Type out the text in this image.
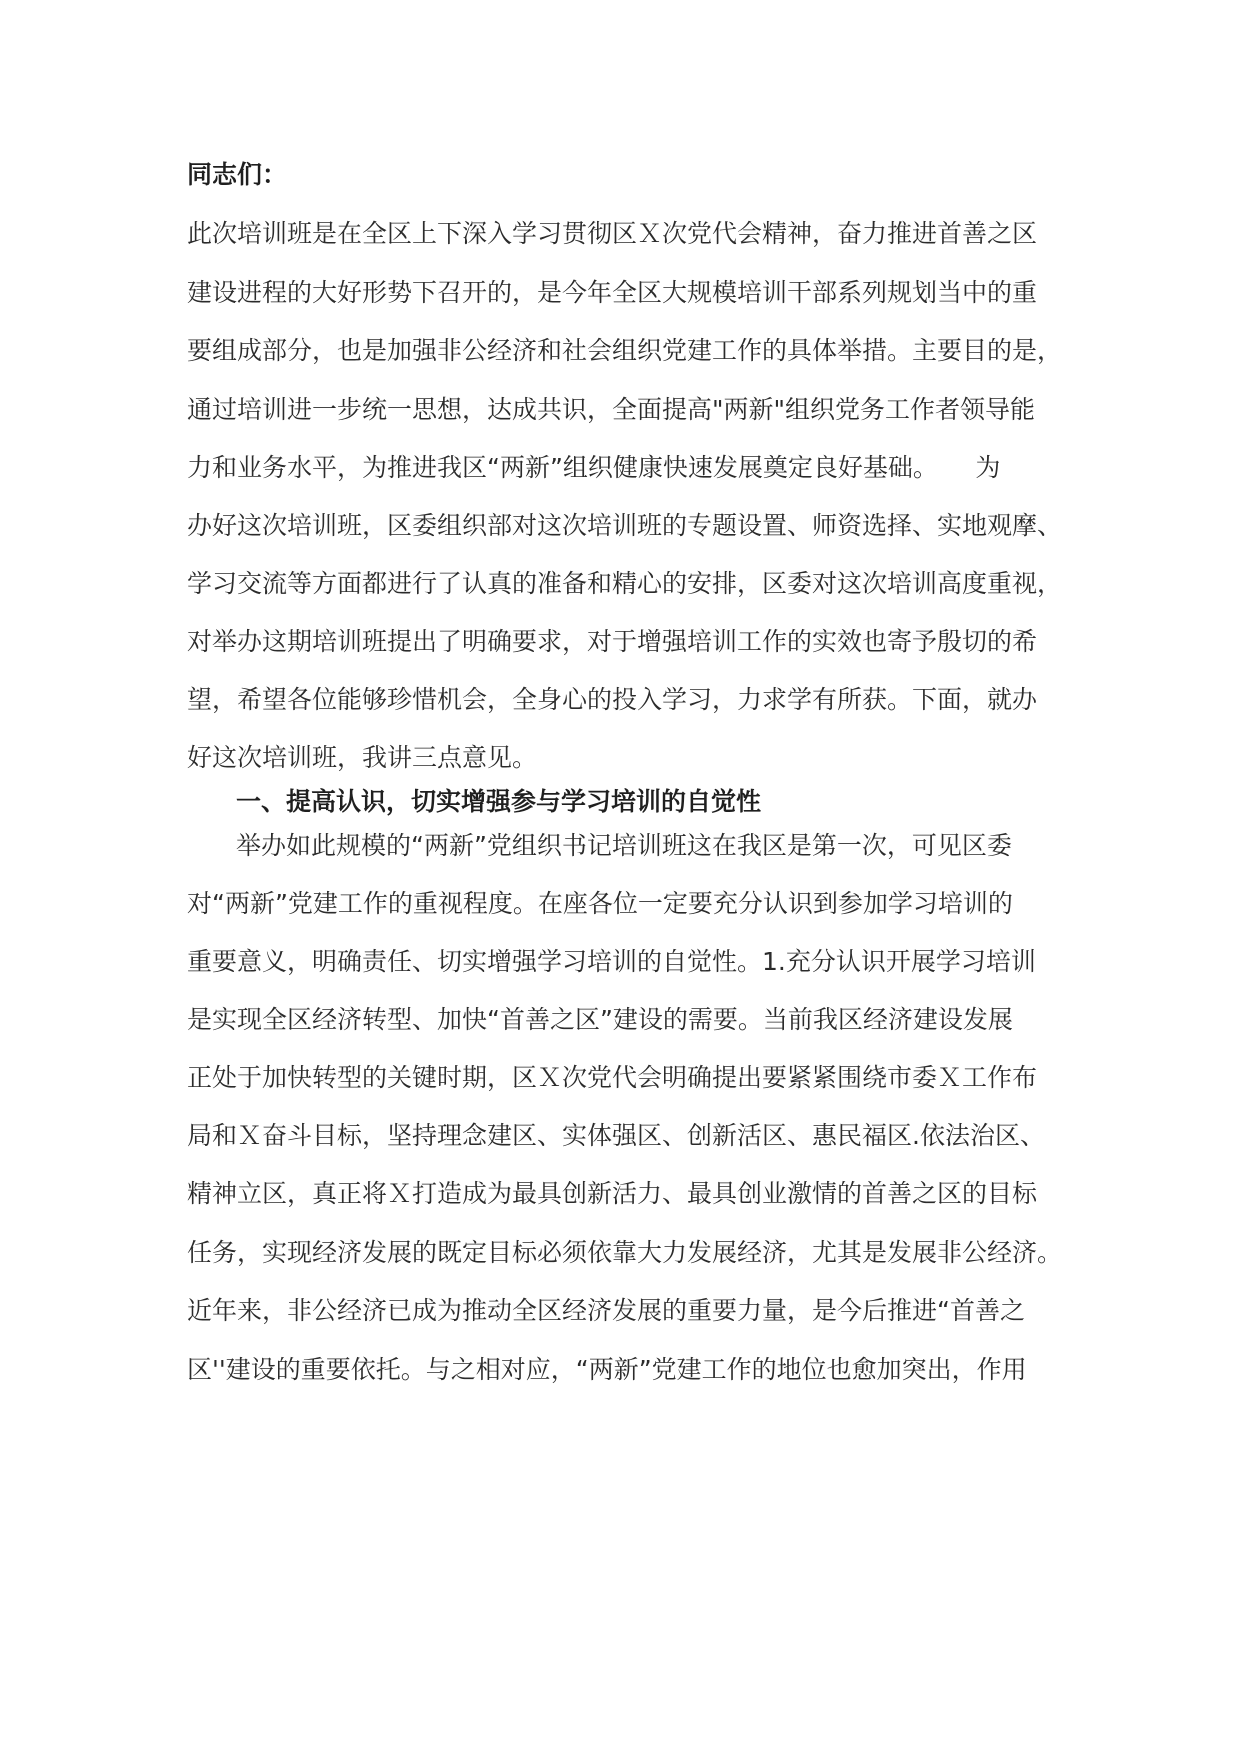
同志们：
此次培训班是在全区上下深入学习贯彻区Ｘ次党代会精神，奋力推进首善之区
建设进程的大好形势下召开的，是今年全区大规模培训干部系列规划当中的重
要组成部分，也是加强非公经济和社会组织党建工作的具体举措。主要目的是，
通过培训进一步统一思想，达成共识，全面提高"两新"组织党务工作者领导能
力和业务水平，为推进我区“两新”组织健康快速发展奠定良好基础。　　为
办好这次培训班，区委组织部对这次培训班的专题设置、师资选择、实地观摩、
学习交流等方面都进行了认真的准备和精心的安排，区委对这次培训高度重视，
对举办这期培训班提出了明确要求，对于增强培训工作的实效也寄予殷切的希
望，希望各位能够珍惜机会，全身心的投入学习，力求学有所获。下面，就办
好这次培训班，我讲三点意见。
一、提高认识，切实增强参与学习培训的自觉性
举办如此规模的“两新”党组织书记培训班这在我区是第一次，可见区委
对“两新”党建工作的重视程度。在座各位一定要充分认识到参加学习培训的
重要意义，明确责任、切实增强学习培训的自觉性。1.充分认识开展学习培训
是实现全区经济转型、加快“首善之区”建设的需要。当前我区经济建设发展
正处于加快转型的关键时期，区Ｘ次党代会明确提出要紧紧围绕市委Ｘ工作布
局和Ｘ奋斗目标，坚持理念建区、实体强区、创新活区、惠民福区.依法治区、
精神立区，真正将Ｘ打造成为最具创新活力、最具创业激情的首善之区的目标
任务，实现经济发展的既定目标必须依靠大力发展经济，尤其是发展非公经济。
近年来，非公经济已成为推动全区经济发展的重要力量，是今后推进“首善之
区''建设的重要依托。与之相对应，“两新”党建工作的地位也愈加突出，作用
